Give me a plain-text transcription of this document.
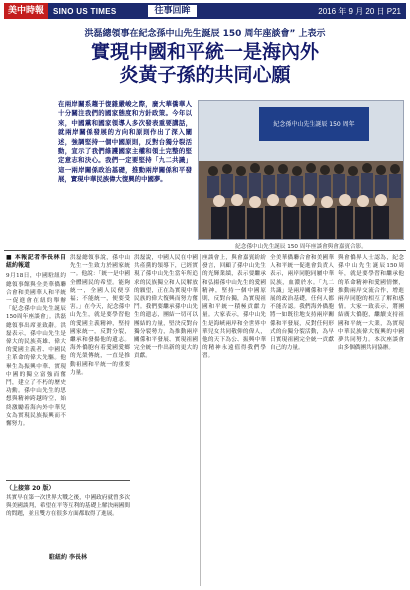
美中時報	SINO US TIMES	往事回眸	2016 年 9 月 20 日 P21
洪磊總領事在紀念孫中山先生誕辰 150 周年座談會” 上表示
實現中國和平統一是海內外
炎黃子孫的共同心願
在兩岸關系趨于復雜嚴峻之際，廣大華僑華人十分關注我們的國家態度和方針政策。今年以來，中國黨和國家領導人多次發表重要講話，就兩岸關係發展的方向和原則作出了深入闡述，強調堅持一個中國原則，反對台獨分裂活動，宣示了我們維護國家主權和領土完整的堅定意志和決心。我們一定要堅持「九二共識」這一兩岸關係政治基礎，推動兩岸關係和平發展，實現中華民族偉大復興的中國夢。
紀念孫中山先生誕辰 150 周年
紀念孫中山先生誕辰 150 周年座談會與會嘉賓合影。
■ 本報記者李長林自紐約報道
9月18日，中國駐紐約總領事館與全美華僑聯合會和美國華人和平統一促進會在紐約舉辦「紀念孫中山先生誕辰150周年座談會」。洪磊總領事出席並致辭。洪磊表示，孫中山先生是偉大的民族英雄、偉大的愛國主義者、中國民主革命的偉大先驅。他畢生為振興中華、實現中國的獨立富強而奮鬥，建立了不朽的歷史功勳。孫中山先生的思想與精神跨越時空，始終激勵着海內外中華兒女為實現民族振興而不懈努力。
洪磊總領事說，孫中山先生一生致力於國家統一。他說：「統一是中國全體國民的希望。能夠統一，全國人民便享福；不能統一，便要受害。」在今天，紀念孫中山先生，就是要學習他的愛國主義精神，堅持國家統一，反對分裂，繼承和發揚他的遺志。海外僑胞有着愛國愛鄉的光榮傳統，一直是推動祖國和平統一的重要力量。
洪磊說，中國人民在中國共產黨的領導下，已經實現了孫中山先生當年所追求的民族獨立和人民解放的願望，正在為實現中華民族的偉大復興而努力奮鬥。我們要繼承孫中山先生的遺志，團結一切可以團結的力量，堅決反對台獨分裂勢力，為推動兩岸關係和平發展、實現祖國完全統一作出新的更大的貢獻。
座談會上，與會嘉賓紛紛發言，回顧了孫中山先生的光輝業績，表示要繼承和弘揚孫中山先生的愛國精神，堅持一個中國原則，反對台獨，為實現祖國和平統一積極貢獻力量。大家表示，孫中山先生是海峽兩岸和全世界中華兒女共同敬仰的偉人，他的天下為公、振興中華的精神永遠值得我們學習。
全美華僑聯合會和美國華人和平統一促進會負責人表示，兩岸同胞同屬中華民族，血濃於水。「九二共識」是兩岸關係和平發展的政治基礎，任何人都不能否認。我們海外僑胞將一如既往地支持兩岸關係和平發展，反對任何形式的台獨分裂活動，為早日實現祖國完全統一貢獻自己的力量。
與會僑界人士認為，紀念孫中山先生誕辰150周年，就是要學習和繼承他的革命精神和愛國情懷，推動兩岸交流合作，增進兩岸同胞的相互了解和感情。大家一致表示，將團結廣大僑胞，繼續支持祖國和平統一大業，為實現中華民族偉大復興的中國夢共同努力。本次座談會由多個僑團共同協辦。
（上接第 20 版）
其實早在第一次世界大戰之後，中國政府就曾多次與美國談判，希望在平等互利的基礎上解決兩國間的問題，並且雙方在很多方面都取得了進展。
駐紐約 李長林
